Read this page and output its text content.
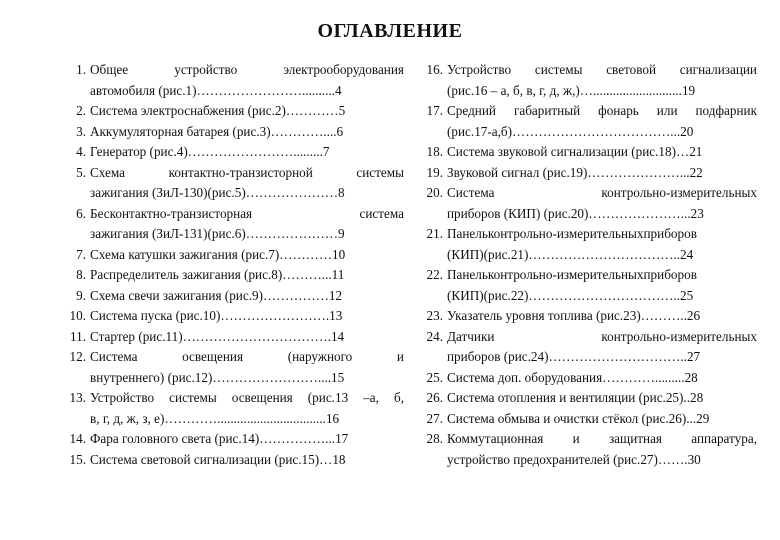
ОГЛАВЛЕНИЕ
1. Общее устройство электрооборудования
автомобиля (рис.1)……………………..........4
2. Система электроснабжения (рис.2)…………5
3. Аккумуляторная батарея (рис.3)…………....6
4. Генератор (рис.4)…………………….........7
5. Схема контактно-транзисторной системы
зажигания (ЗиЛ-130)(рис.5)…………………8
6. Бесконтактно-транзисторная система
зажигания (ЗиЛ-131)(рис.6)…………………9
7. Схема катушки зажигания (рис.7)…………10
8. Распределитель зажигания (рис.8)………...11
9. Схема свечи зажигания (рис.9)……………12
10. Система пуска (рис.10)…………………….13
11. Стартер (рис.11)…………………………….14
12. Система освещения (наружного и
внутреннего) (рис.12)……………………....15
13. Устройство системы освещения (рис.13 –а, б,
в, г, д, ж, з, е)………….................................16
14. Фара головного света (рис.14)……………...17
15. Система световой сигнализации (рис.15)…18
16. Устройство системы световой сигнализации
(рис.16 – а, б, в, г, д, ж,)…...........................19
17. Средний габаритный фонарь или подфарник
(рис.17-а,б)………………………………...20
18. Система звуковой сигнализации (рис.18)…21
19. Звуковой сигнал (рис.19)…………………...22
20. Система контрольно-измерительных
приборов (КИП) (рис.20)…………………...23
21. Панельконтрольно-измерительныхприборов
(КИП)(рис.21)……………………………..24
22. Панельконтрольно-измерительныхприборов
(КИП)(рис.22)……………………………..25
23. Указатель уровня топлива (рис.23)………..26
24. Датчики контрольно-измерительных
приборов (рис.24)…………………………..27
25. Система доп. оборудования………….........28
26. Система отопления и вентиляции (рис.25)..28
27. Система обмыва и очистки стёкол (рис.26)...29
28. Коммутационная и защитная аппаратура,
устройство предохранителей (рис.27)…….30
